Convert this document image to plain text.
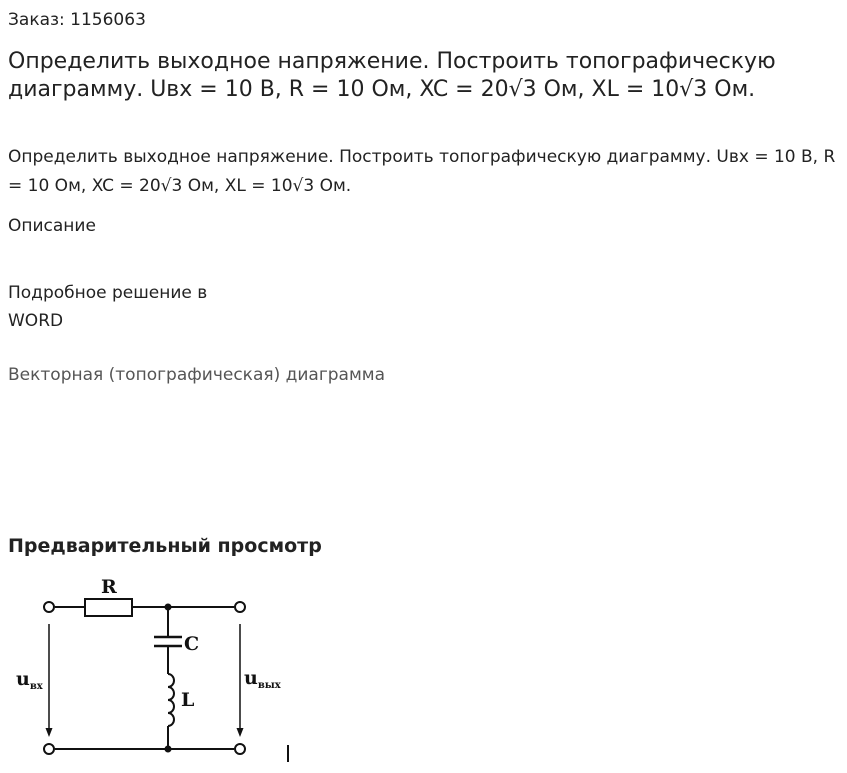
Заказ: 1156063
Определить выходное напряжение. Построить топографическую диаграмму. Uвх = 10 В, R = 10 Ом, XC = 20√3 Ом, XL = 10√3 Ом.

Определить выходное напряжение. Построить топографическую диаграмму. Uвх = 10 В, R = 10 Ом, XC = 20√3 Ом, XL = 10√3 Ом.

Описание
Подробное решение в WORD
Векторная (топографическая) диаграмма
Предварительный просмотр
R
C
L
$u_{вх}$	$u_{вых}$
